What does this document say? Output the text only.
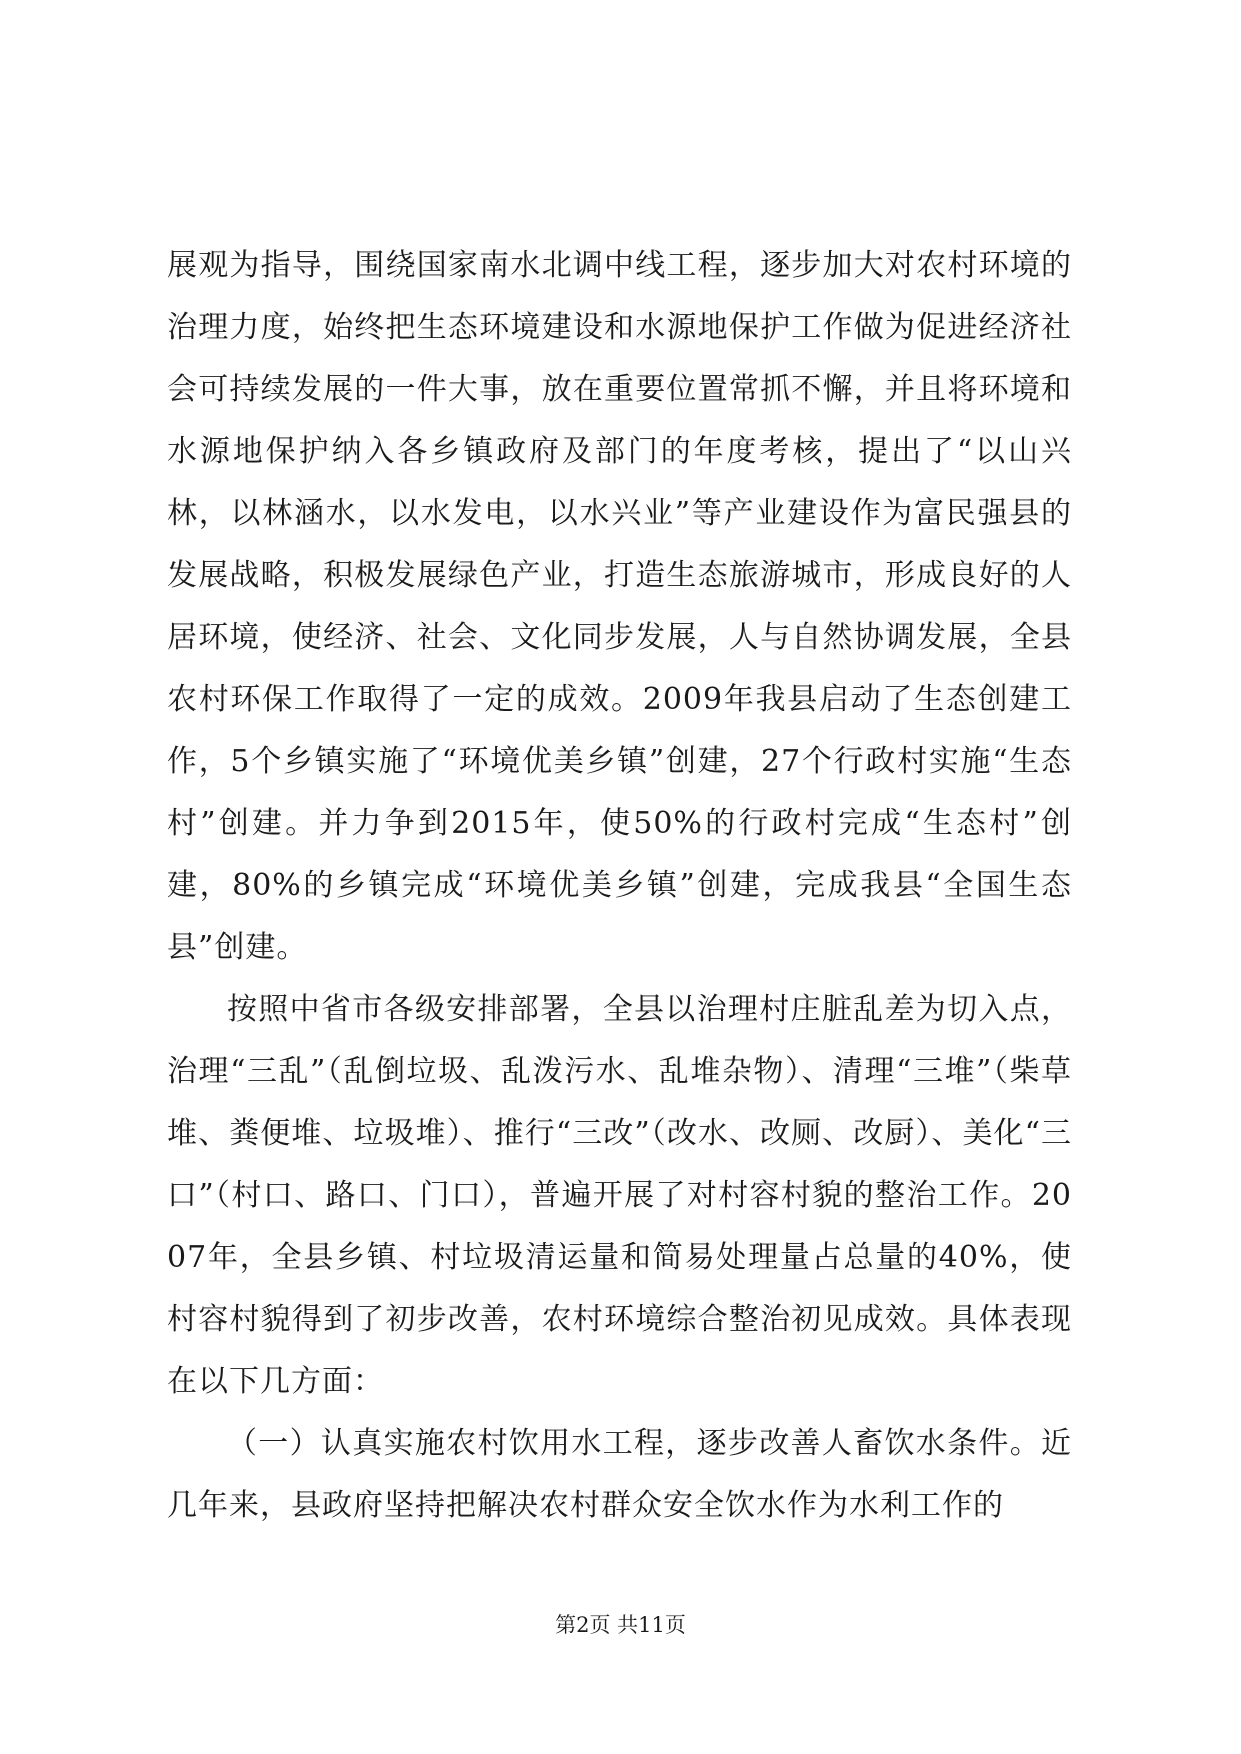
展观为指导，围绕国家南水北调中线工程，逐步加大对农村环境的治理力度，始终把生态环境建设和水源地保护工作做为促进经济社会可持续发展的一件大事，放在重要位置常抓不懈，并且将环境和水源地保护纳入各乡镇政府及部门的年度考核，提出了“以山兴林，以林涵水，以水发电，以水兴业”等产业建设作为富民强县的发展战略，积极发展绿色产业，打造生态旅游城市，形成良好的人居环境，使经济、社会、文化同步发展，人与自然协调发展，全县农村环保工作取得了一定的成效。2009年我县启动了生态创建工作，5个乡镇实施了“环境优美乡镇”创建，27个行政村实施“生态村”创建。并力争到2015年，使50%的行政村完成“生态村”创建，80%的乡镇完成“环境优美乡镇”创建，完成我县“全国生态县”创建。

按照中省市各级安排部署，全县以治理村庄脏乱差为切入点，治理“三乱”（乱倒垃圾、乱泼污水、乱堆杂物）、清理“三堆”（柴草堆、粪便堆、垃圾堆）、推行“三改”（改水、改厕、改厨）、美化“三口”（村口、路口、门口），普遍开展了对村容村貌的整治工作。2007年，全县乡镇、村垃圾清运量和简易处理量占总量的40%，使村容村貌得到了初步改善，农村环境综合整治初见成效。具体表现在以下几方面：

（一）认真实施农村饮用水工程，逐步改善人畜饮水条件。近几年来，县政府坚持把解决农村群众安全饮水作为水利工作的

第2页 共11页
